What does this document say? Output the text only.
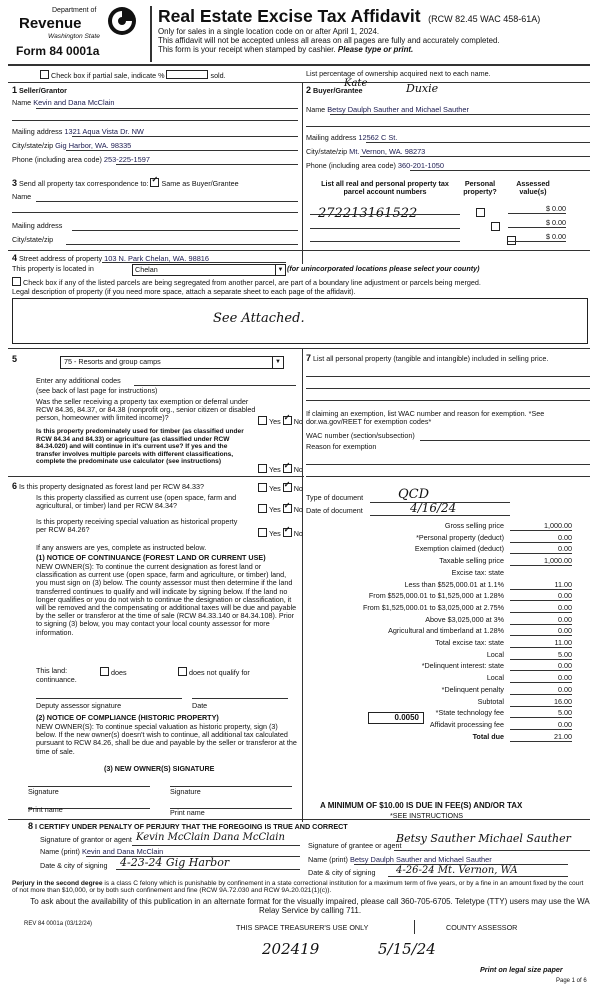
Department of
Revenue
Washington State
Form 84 0001a
Real Estate Excise Tax Affidavit (RCW 82.45 WAC 458-61A)
Only for sales in a single location code on or after April 1, 2024.
This affidavit will not be accepted unless all areas on all pages are fully and accurately completed.
This form is your receipt when stamped by cashier. Please type or print.
Check box if partial sale, indicate %	sold.	List percentage of ownership acquired next to each name.
1 Seller/Grantor
Name Kevin and Dana McClain
Mailing address 1321 Aqua Vista Dr. NW
City/state/zip Gig Harbor, WA. 98335
Phone (including area code) 253-225-1597
2 Buyer/Grantee
Kate	Duxie
Name Betsy Daulph Sauther and Michael Sauther
Mailing address 12562 C St.
City/state/zip Mt. Vernon, WA. 98273
Phone (including area code) 360-201-1050
3 Send all property tax correspondence to: ✓ Same as Buyer/Grantee
Name
Mailing address
City/state/zip
List all real and personal property tax parcel account numbers
Personal property?
Assessed value(s)
272213161522
	$ 0.00
$ 0.00
$ 0.00
4 Street address of property 103 N. Park Chelan, WA. 98816
This property is located in	Chelan	▼ (for unincorporated locations please select your county)
Check box if any of the listed parcels are being segregated from another parcel, are part of a boundary line adjustment or parcels being merged.
Legal description of property (if you need more space, attach a separate sheet to each page of the affidavit).
See Attached.
5	75 - Resorts and group camps	▼
Enter any additional codes
(see back of last page for instructions)
Was the seller receiving a property tax exemption or deferral under RCW 84.36, 84.37, or 84.38 (nonprofit org., senior citizen or disabled person, homeowner with limited income)?	Yes ✓ No
Is this property predominately used for timber (as classified under RCW 84.34 and 84.33) or agriculture (as classified under RCW 84.34.020) and will continue in it's current use? If yes and the transfer involves multiple parcels with different classifications, complete the predominate use calculator (see instructions)
Yes ✓ No
7 List all personal property (tangible and intangible) included in selling price.
If claiming an exemption, list WAC number and reason for exemption. *See dor.wa.gov/REET for exemption codes*
WAC number (section/subsection)
Reason for exemption
Type of document	QCD
Date of document	4/16/24
Gross selling price	1,000.00
*Personal property (deduct)	0.00
Exemption claimed (deduct)	0.00
Taxable selling price	1,000.00
Excise tax: state
Less than $525,000.01 at 1.1%	11.00
From $525,000.01 to $1,525,000 at 1.28%	0.00
From $1,525,000.01 to $3,025,000 at 2.75%	0.00
Above $3,025,000 at 3%	0.00
Agricultural and timberland at 1.28%	0.00
Total excise tax: state	11.00
Local	5.00
*Delinquent interest: state	0.00
Local	0.00
*Delinquent penalty	0.00
Subtotal	16.00
*State technology fee	5.00
Affidavit processing fee	0.00
Total due	21.00
0.0050
A MINIMUM OF $10.00 IS DUE IN FEE(S) AND/OR TAX
*SEE INSTRUCTIONS
6 Is this property designated as forest land per RCW 84.33?	Yes ✓ No
Is this property classified as current use (open space, farm and agricultural, or timber) land per RCW 84.34?	Yes ✓ No
Is this property receiving special valuation as historical property per RCW 84.26?	Yes ✓ No
If any answers are yes, complete as instructed below.
(1) NOTICE OF CONTINUANCE (FOREST LAND OR CURRENT USE)
NEW OWNER(S): To continue the current designation as forest land or classification as current use (open space, farm and agriculture, or timber) land, you must sign on (3) below. The county assessor must then determine if the land transferred continues to qualify and will indicate by signing below. If the land no longer qualifies or you do not wish to continue the designation or classification, it will be removed and the compensating or additional taxes will be due and payable by the seller or transferor at the time of sale (RCW 84.33.140 or 84.34.108). Prior to signing (3) below, you may contact your local county assessor for more information.
This land:	does	does not qualify for
continuance.
Deputy assessor signature	Date
(2) NOTICE OF COMPLIANCE (HISTORIC PROPERTY)
NEW OWNER(S): To continue special valuation as historic property, sign (3) below. If the new owner(s) doesn't wish to continue, all additional tax calculated pursuant to RCW 84.26, shall be due and payable by the seller or transferor at the time of sale.
(3) NEW OWNER(S) SIGNATURE
Signature	Signature
Print name	Print name
8 I CERTIFY UNDER PENALTY OF PERJURY THAT THE FOREGOING IS TRUE AND CORRECT
Signature of grantor or agent Kevin McClain Dana McClain
Name (print) Kevin and Dana McClain
Date & city of signing 4-23-24 Gig Harbor
Signature of grantee or agent
Betsy Sauther Michael Sauther
Name (print) Betsy Daulph Sauther and Michael Sauther
Date & city of signing 4-26-24 Mt. Vernon, WA
Perjury in the second degree is a class C felony which is punishable by confinement in a state correctional institution for a maximum term of five years, or by a fine in an amount fixed by the court of not more than $10,000, or by both such confinement and fine (RCW 9A.72.030 and RCW 9A.20.021(1)(c)).
To ask about the availability of this publication in an alternate format for the visually impaired, please call 360-705-6705. Teletype (TTY) users may use the WA Relay Service by calling 711.
REV 84 0001a (03/12/24)	THIS SPACE TREASURER'S USE ONLY	COUNTY ASSESSOR
202419	5/15/24
Print on legal size paper
Page 1 of 6
